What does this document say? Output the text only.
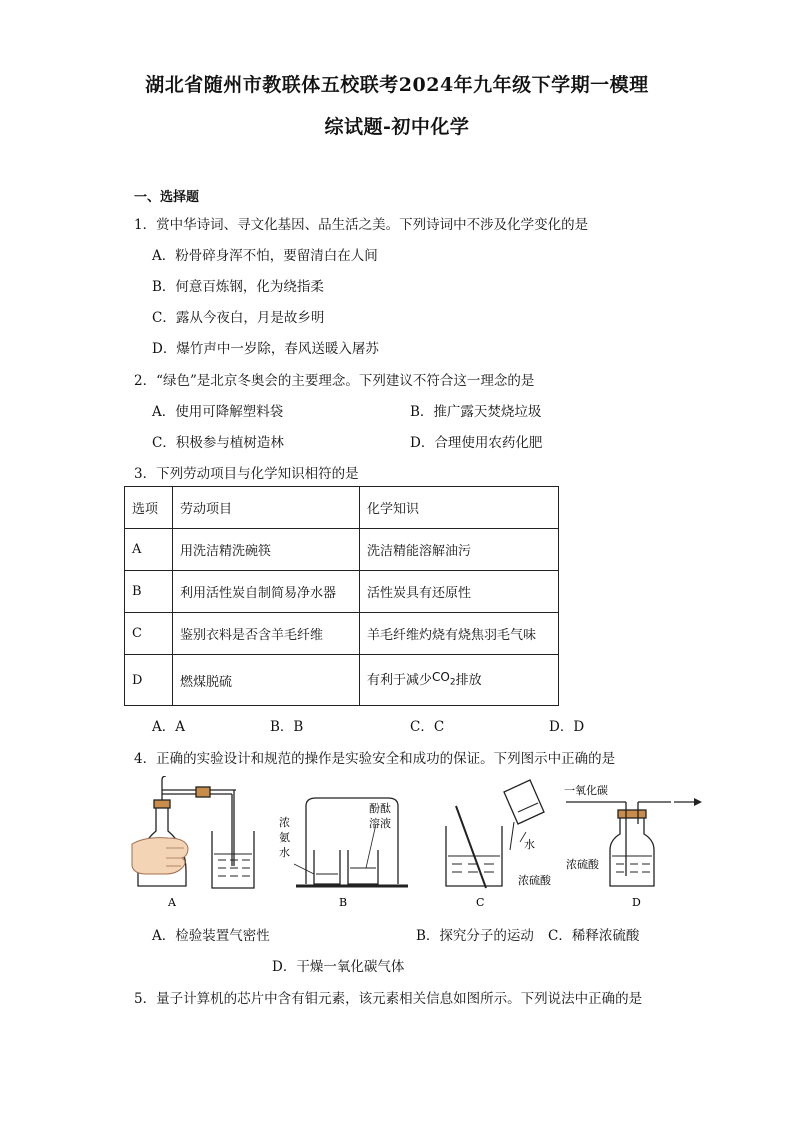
湖北省随州市教联体五校联考2024年九年级下学期一模理
综试题-初中化学
一、选择题
1．赏中华诗词、寻文化基因、品生活之美。下列诗词中不涉及化学变化的是
A．粉骨碎身浑不怕，要留清白在人间
B．何意百炼钢，化为绕指柔
C．露从今夜白，月是故乡明
D．爆竹声中一岁除，春风送暖入屠苏
2．“绿色”是北京冬奥会的主要理念。下列建议不符合这一理念的是
A．使用可降解塑料袋	B．推广露天焚烧垃圾
C．积极参与植树造林	D．合理使用农药化肥
3．下列劳动项目与化学知识相符的是
选项	劳动项目	化学知识
A	用洗洁精洗碗筷	洗洁精能溶解油污
B	利用活性炭自制简易净水器	活性炭具有还原性
C	鉴别衣料是否含羊毛纤维	羊毛纤维灼烧有烧焦羽毛气味
D	燃煤脱硫	有利于减少$CO_2$排放
A．A	B．B	C．C	D．D
4．正确的实验设计和规范的操作是实验安全和成功的保证。下列图示中正确的是
A
浓
氨
水
酚酞
溶液
B
水
浓硫酸
C
一氧化碳
浓硫酸
D
A．检验装置气密性	B．探究分子的运动 C．稀释浓硫酸
D．干燥一氧化碳气体
5．量子计算机的芯片中含有钼元素，该元素相关信息如图所示。下列说法中正确的是
